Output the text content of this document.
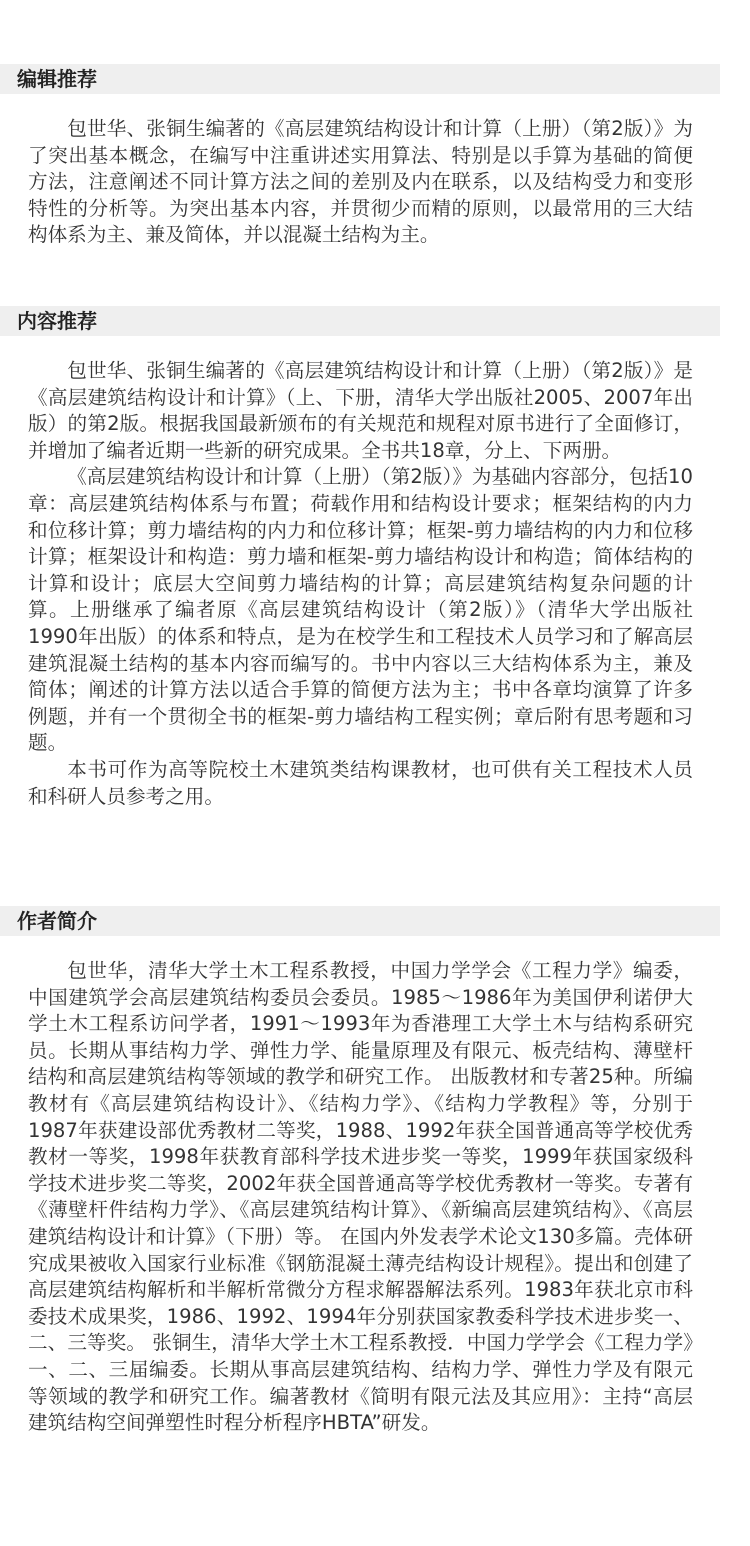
编辑推荐

包世华、张铜生编著的《高层建筑结构设计和计算（上册）（第2版）》为了突出基本概念，在编写中注重讲述实用算法、特别是以手算为基础的简便方法，注意阐述不同计算方法之间的差别及内在联系，以及结构受力和变形特性的分析等。为突出基本内容，并贯彻少而精的原则，以最常用的三大结构体系为主、兼及简体，并以混凝土结构为主。

内容推荐

包世华、张铜生编著的《高层建筑结构设计和计算（上册）（第2版）》是《高层建筑结构设计和计算》（上、下册，清华大学出版社2005、2007年出版）的第2版。根据我国最新颁布的有关规范和规程对原书进行了全面修订，并增加了编者近期一些新的研究成果。全书共18章，分上、下两册。

《高层建筑结构设计和计算（上册）（第2版）》为基础内容部分，包括10章：高层建筑结构体系与布置；荷载作用和结构设计要求；框架结构的内力和位移计算；剪力墙结构的内力和位移计算；框架-剪力墙结构的内力和位移计算；框架设计和构造：剪力墙和框架-剪力墙结构设计和构造；简体结构的计算和设计；底层大空间剪力墙结构的计算；高层建筑结构复杂问题的计算。上册继承了编者原《高层建筑结构设计（第2版）》（清华大学出版社1990年出版）的体系和特点，是为在校学生和工程技术人员学习和了解高层建筑混凝土结构的基本内容而编写的。书中内容以三大结构体系为主，兼及简体；阐述的计算方法以适合手算的简便方法为主；书中各章均演算了许多例题，并有一个贯彻全书的框架-剪力墙结构工程实例；章后附有思考题和习题。

本书可作为高等院校土木建筑类结构课教材，也可供有关工程技术人员和科研人员参考之用。

作者简介

包世华，清华大学土木工程系教授，中国力学学会《工程力学》编委，中国建筑学会高层建筑结构委员会委员。1985～1986年为美国伊利诺伊大学土木工程系访问学者，1991～1993年为香港理工大学土木与结构系研究员。长期从事结构力学、弹性力学、能量原理及有限元、板壳结构、薄壁杆结构和高层建筑结构等领域的教学和研究工作。 出版教材和专著25种。所编教材有《高层建筑结构设计》、《结构力学》、《结构力学教程》等，分别于1987年获建设部优秀教材二等奖，1988、1992年获全国普通高等学校优秀教材一等奖，1998年获教育部科学技术进步奖一等奖，1999年获国家级科学技术进步奖二等奖，2002年获全国普通高等学校优秀教材一等奖。专著有《薄壁杆件结构力学》、《高层建筑结构计算》、《新编高层建筑结构》、《高层建筑结构设计和计算》（下册）等。 在国内外发表学术论文130多篇。壳体研究成果被收入国家行业标准《钢筋混凝土薄壳结构设计规程》。提出和创建了高层建筑结构解析和半解析常微分方程求解器解法系列。1983年获北京市科委技术成果奖，1986、1992、1994年分别获国家教委科学技术进步奖一、二、三等奖。 张铜生，清华大学土木工程系教授．中国力学学会《工程力学》一、二、三届编委。长期从事高层建筑结构、结构力学、弹性力学及有限元等领域的教学和研究工作。编著教材《简明有限元法及其应用》：主持“高层建筑结构空间弹塑性时程分析程序HBTA”研发。
